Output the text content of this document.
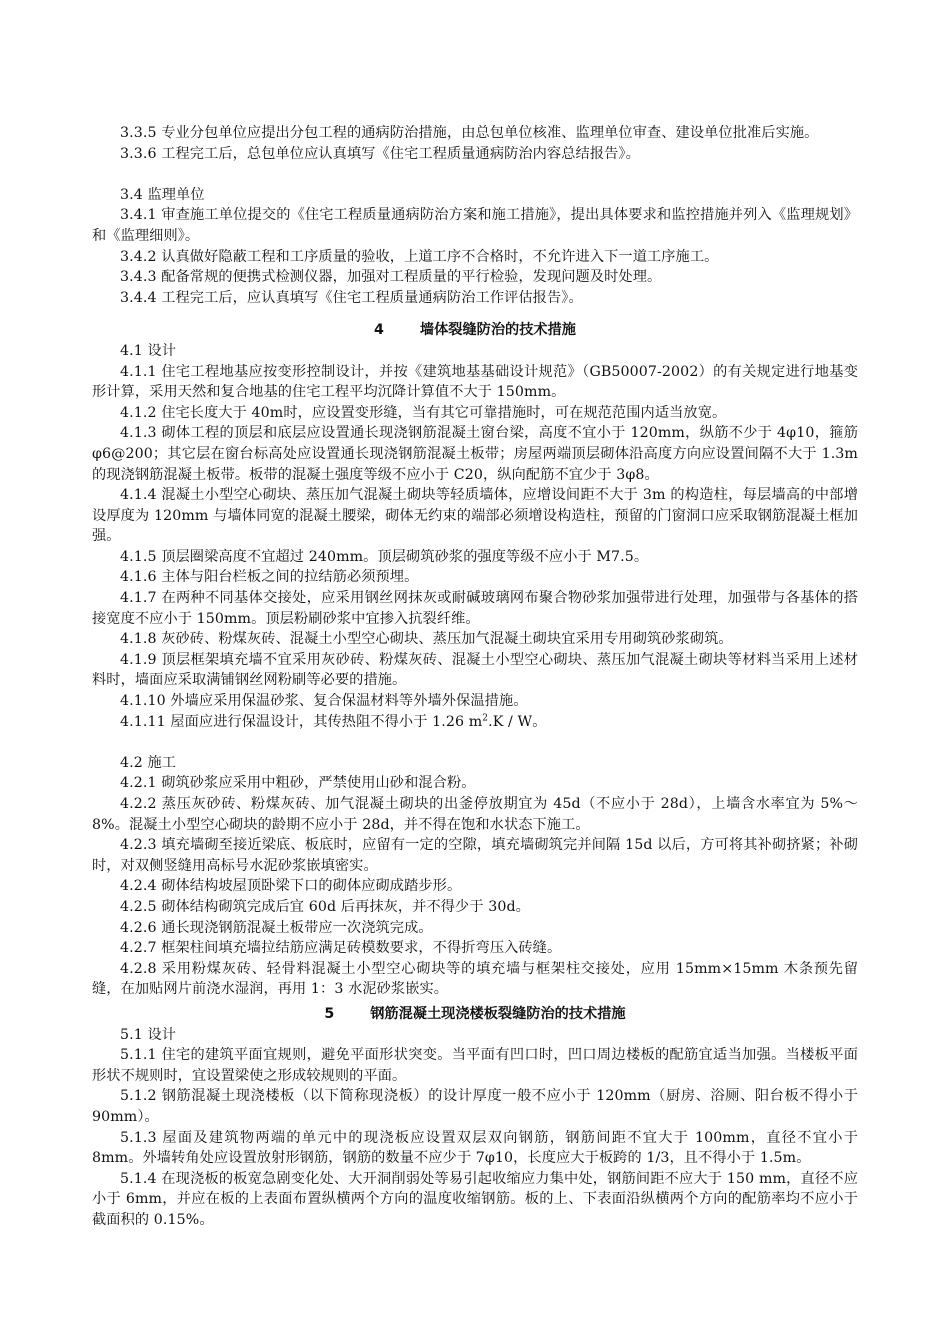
3.3.5 专业分包单位应提出分包工程的通病防治措施，由总包单位核准、监理单位审查、建设单位批准后实施。

3.3.6 工程完工后，总包单位应认真填写《住宅工程质量通病防治内容总结报告》。

3.4 监理单位

3.4.1 审查施工单位提交的《住宅工程质量通病防治方案和施工措施》，提出具体要求和监控措施并列入《监理规划》和《监理细则》。

3.4.2 认真做好隐蔽工程和工序质量的验收，上道工序不合格时，不允许进入下一道工序施工。

3.4.3 配备常规的便携式检测仪器，加强对工程质量的平行检验，发现问题及时处理。

3.4.4 工程完工后，应认真填写《住宅工程质量通病防治工作评估报告》。

4	墙体裂缝防治的技术措施

4.1 设计

4.1.1 住宅工程地基应按变形控制设计，并按《建筑地基基础设计规范》（GB50007-2002）的有关规定进行地基变形计算，采用天然和复合地基的住宅工程平均沉降计算值不大于 150mm。

4.1.2 住宅长度大于 40m时，应设置变形缝，当有其它可靠措施时，可在规范范围内适当放宽。

4.1.3 砌体工程的顶层和底层应设置通长现浇钢筋混凝土窗台梁，高度不宜小于 120mm，纵筋不少于 4φ10，箍筋 φ6@200；其它层在窗台标高处应设置通长现浇钢筋混凝土板带；房屋两端顶层砌体沿高度方向应设置间隔不大于 1.3m 的现浇钢筋混凝土板带。板带的混凝土强度等级不应小于 C20，纵向配筋不宜少于 3φ8。

4.1.4 混凝土小型空心砌块、蒸压加气混凝土砌块等轻质墙体，应增设间距不大于 3m 的构造柱，每层墙高的中部增设厚度为 120mm 与墙体同宽的混凝土腰梁，砌体无约束的端部必须增设构造柱，预留的门窗洞口应采取钢筋混凝土框加强。

4.1.5 顶层圈梁高度不宜超过 240mm。顶层砌筑砂浆的强度等级不应小于 M7.5。

4.1.6 主体与阳台栏板之间的拉结筋必须预埋。

4.1.7 在两种不同基体交接处，应采用钢丝网抹灰或耐碱玻璃网布聚合物砂浆加强带进行处理，加强带与各基体的搭接宽度不应小于 150mm。顶层粉刷砂浆中宜掺入抗裂纤维。

4.1.8 灰砂砖、粉煤灰砖、混凝土小型空心砌块、蒸压加气混凝土砌块宜采用专用砌筑砂浆砌筑。

4.1.9 顶层框架填充墙不宜采用灰砂砖、粉煤灰砖、混凝土小型空心砌块、蒸压加气混凝土砌块等材料当采用上述材料时，墙面应采取满铺钢丝网粉刷等必要的措施。

4.1.10 外墙应采用保温砂浆、复合保温材料等外墙外保温措施。

4.1.11 屋面应进行保温设计，其传热阻不得小于 1.26 $m^2.K$ / W。

4.2 施工

4.2.1 砌筑砂浆应采用中粗砂，严禁使用山砂和混合粉。

4.2.2 蒸压灰砂砖、粉煤灰砖、加气混凝土砌块的出釜停放期宜为 45d（不应小于 28d），上墙含水率宜为 5%～8%。混凝土小型空心砌块的龄期不应小于 28d，并不得在饱和水状态下施工。

4.2.3 填充墙砌至接近梁底、板底时，应留有一定的空隙，填充墙砌筑完并间隔 15d 以后，方可将其补砌挤紧；补砌时，对双侧竖缝用高标号水泥砂浆嵌填密实。

4.2.4 砌体结构坡屋顶卧梁下口的砌体应砌成踏步形。

4.2.5 砌体结构砌筑完成后宜 60d 后再抹灰，并不得少于 30d。

4.2.6 通长现浇钢筋混凝土板带应一次浇筑完成。

4.2.7 框架柱间填充墙拉结筋应满足砖模数要求，不得折弯压入砖缝。

4.2.8 采用粉煤灰砖、轻骨料混凝土小型空心砌块等的填充墙与框架柱交接处，应用 15mm×15mm 木条预先留缝，在加贴网片前浇水湿润，再用 1：3 水泥砂浆嵌实。

5	钢筋混凝土现浇楼板裂缝防治的技术措施

5.1 设计

5.1.1 住宅的建筑平面宜规则，避免平面形状突变。当平面有凹口时，凹口周边楼板的配筋宜适当加强。当楼板平面形状不规则时，宜设置梁使之形成较规则的平面。

5.1.2 钢筋混凝土现浇楼板（以下简称现浇板）的设计厚度一般不应小于 120mm（厨房、浴厕、阳台板不得小于 90mm）。

5.1.3 屋面及建筑物两端的单元中的现浇板应设置双层双向钢筋，钢筋间距不宜大于 100mm，直径不宜小于 8mm。外墙转角处应设置放射形钢筋，钢筋的数量不应少于 7φ10，长度应大于板跨的 1/3，且不得小于 1.5m。

5.1.4 在现浇板的板宽急剧变化处、大开洞削弱处等易引起收缩应力集中处，钢筋间距不应大于 150 mm，直径不应小于 6mm，并应在板的上表面布置纵横两个方向的温度收缩钢筋。板的上、下表面沿纵横两个方向的配筋率均不应小于截面积的 0.15%。
